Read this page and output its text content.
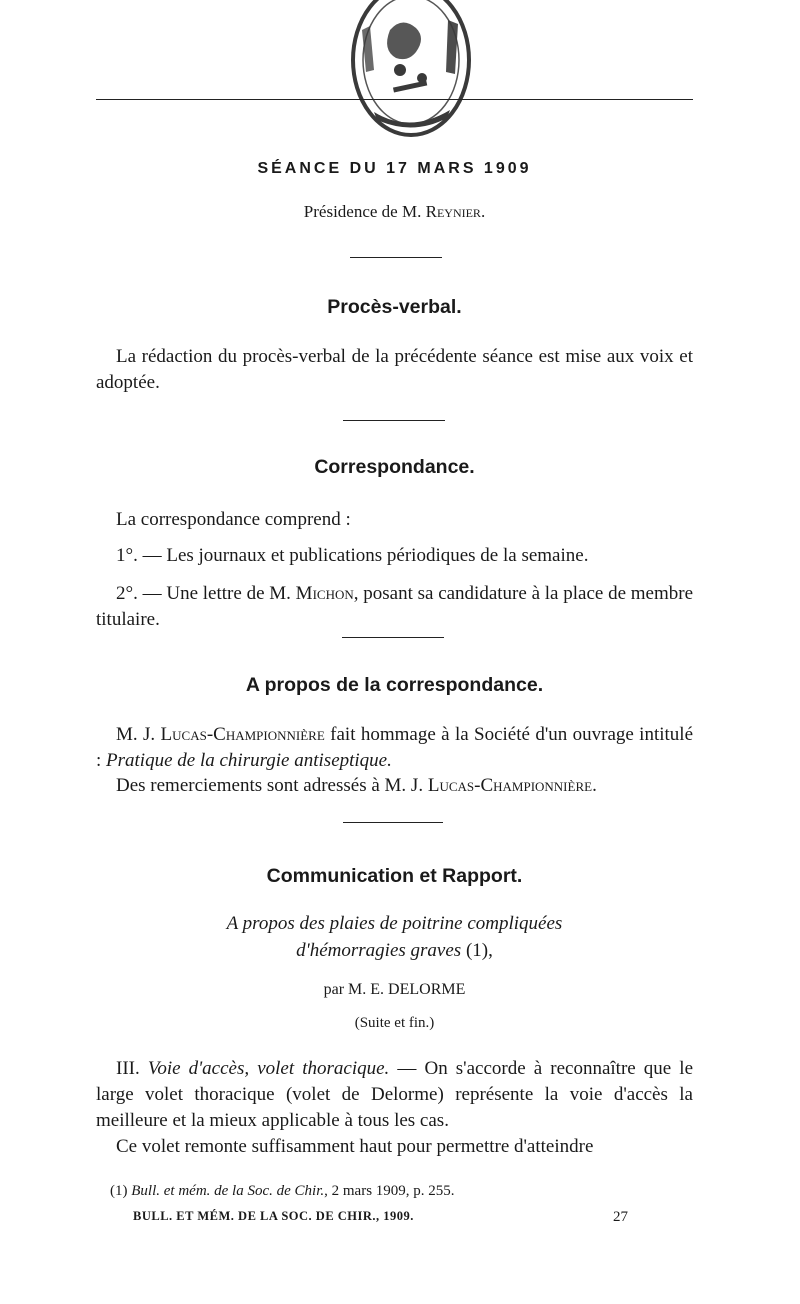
SÉANCE DU 17 MARS 1909
Présidence de M. Reynier.
Procès-verbal.
La rédaction du procès-verbal de la précédente séance est mise aux voix et adoptée.
Correspondance.
La correspondance comprend :
1°. — Les journaux et publications périodiques de la semaine.
2°. — Une lettre de M. Michon, posant sa candidature à la place de membre titulaire.
A propos de la correspondance.
M. J. Lucas-Championnière fait hommage à la Société d'un ouvrage intitulé : Pratique de la chirurgie antiseptique.
Des remerciements sont adressés à M. J. Lucas-Championnière.
Communication et Rapport.
A propos des plaies de poitrine compliquées
d'hémorragies graves (1),
par M. E. DELORME
(Suite et fin.)
III. Voie d'accès, volet thoracique. — On s'accorde à reconnaître que le large volet thoracique (volet de Delorme) représente la voie d'accès la meilleure et la mieux applicable à tous les cas.
Ce volet remonte suffisamment haut pour permettre d'atteindre
(1) Bull. et mém. de la Soc. de Chir., 2 mars 1909, p. 255.
BULL. ET MÉM. DE LA SOC. DE CHIR., 1909.	27
